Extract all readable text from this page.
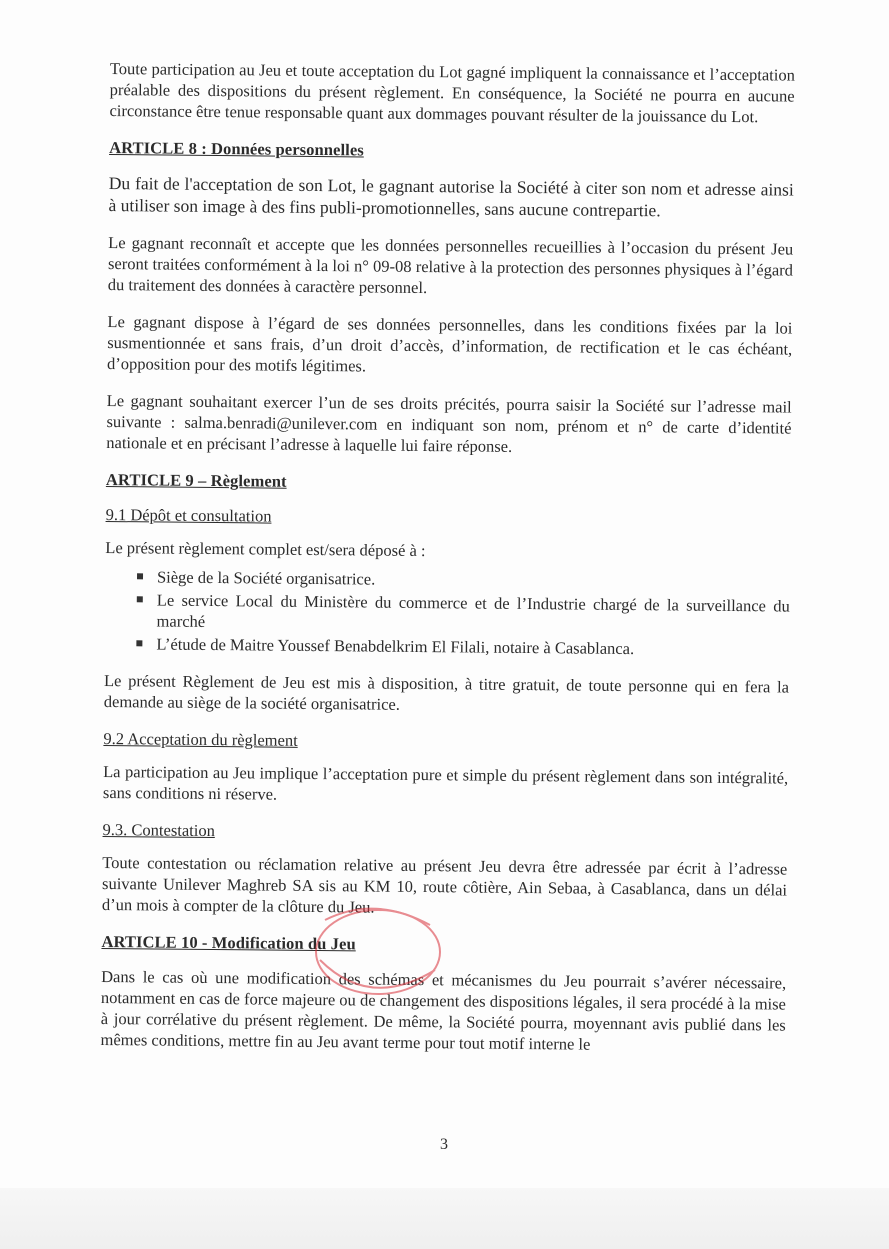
Toute participation au Jeu et toute acceptation du Lot gagné impliquent la connaissance et l’acceptation préalable des dispositions du présent règlement. En conséquence, la Société ne pourra en aucune circonstance être tenue responsable quant aux dommages pouvant résulter de la jouissance du Lot.

ARTICLE 8 : Données personnelles

Du fait de l'acceptation de son Lot, le gagnant autorise la Société à citer son nom et adresse ainsi à utiliser son image à des fins publi-promotionnelles, sans aucune contrepartie.

Le gagnant reconnaît et accepte que les données personnelles recueillies à l’occasion du présent Jeu seront traitées conformément à la loi n° 09-08 relative à la protection des personnes physiques à l’égard du traitement des données à caractère personnel.

Le gagnant dispose à l’égard de ses données personnelles, dans les conditions fixées par la loi susmentionnée et sans frais, d’un droit d’accès, d’information, de rectification et le cas échéant, d’opposition pour des motifs légitimes.

Le gagnant souhaitant exercer l’un de ses droits précités, pourra saisir la Société sur l’adresse mail suivante : salma.benradi@unilever.com en indiquant son nom, prénom et n° de carte d’identité nationale et en précisant l’adresse à laquelle lui faire réponse.

ARTICLE 9 – Règlement
9.1 Dépôt et consultation

Le présent règlement complet est/sera déposé à :

Siège de la Société organisatrice.
Le service Local du Ministère du commerce et de l’Industrie chargé de la surveillance du marché
L’étude de Maitre Youssef Benabdelkrim El Filali, notaire à Casablanca.

Le présent Règlement de Jeu est mis à disposition, à titre gratuit, de toute personne qui en fera la demande au siège de la société organisatrice.

9.2 Acceptation du règlement

La participation au Jeu implique l’acceptation pure et simple du présent règlement dans son intégralité, sans conditions ni réserve.

9.3. Contestation

Toute contestation ou réclamation relative au présent Jeu devra être adressée par écrit à l’adresse suivante Unilever Maghreb SA sis au KM 10, route côtière, Ain Sebaa, à Casablanca, dans un délai d’un mois à compter de la clôture du Jeu.

ARTICLE 10 - Modification du Jeu

Dans le cas où une modification des schémas et mécanismes du Jeu pourrait s’avérer nécessaire, notamment en cas de force majeure ou de changement des dispositions légales, il sera procédé à la mise à jour corrélative du présent règlement. De même, la Société pourra, moyennant avis publié dans les mêmes conditions, mettre fin au Jeu avant terme pour tout motif interne le

3
